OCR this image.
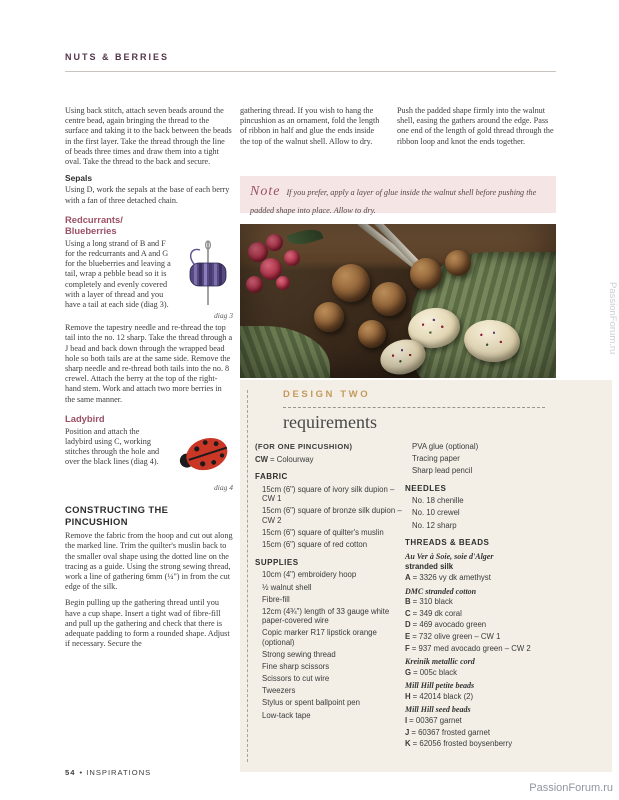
NUTS & BERRIES

Using back stitch, attach seven beads around the centre bead, again bringing the thread to the surface and taking it to the back between the beads in the first layer. Take the thread through the line of beads three times and draw them into a tight oval. Take the thread to the back and secure.

Sepals

Using D, work the sepals at the base of each berry with a fan of three detached chain.

Redcurrants/ Blueberries
diag 3

Using a long strand of B and F for the redcurrants and A and G for the blueberries and leaving a tail, wrap a pebble bead so it is completely and evenly covered with a layer of thread and you have a tail at each side (diag 3).

Remove the tapestry needle and re-thread the top tail into the no. 12 sharp. Take the thread through a J bead and back down through the wrapped bead hole so both tails are at the same side. Remove the sharp needle and re-thread both tails into the no. 8 crewel. Attach the berry at the top of the right-hand stem. Work and attach two more berries in the same manner.

Ladybird
diag 4

Position and attach the ladybird using C, working stitches through the hole and over the black lines (diag 4).

CONSTRUCTING THE PINCUSHION

Remove the fabric from the hoop and cut out along the marked line. Trim the quilter's muslin back to the smaller oval shape using the dotted line on the tracing as a guide. Using the strong sewing thread, work a line of gathering 6mm (¼") in from the cut edge of the silk.

Begin pulling up the gathering thread until you have a cup shape. Insert a tight wad of fibre-fill and pull up the gathering and check that there is adequate padding to form a rounded shape. Adjust if necessary. Secure the

gathering thread. If you wish to hang the pincushion as an ornament, fold the length of ribbon in half and glue the ends inside the top of the walnut shell. Allow to dry.

Push the padded shape firmly into the walnut shell, easing the gathers around the edge. Pass one end of the length of gold thread through the ribbon loop and knot the ends together.

Note If you prefer, apply a layer of glue inside the walnut shell before pushing the padded shape into place. Allow to dry.
DESIGN TWO
requirements
(FOR ONE PINCUSHION)
CW = Colourway
FABRIC
15cm (6") square of ivory silk dupion – CW 1
15cm (6") square of bronze silk dupion – CW 2
15cm (6") square of quilter's muslin
15cm (6") square of red cotton
SUPPLIES
10cm (4") embroidery hoop
½ walnut shell
Fibre-fill
12cm (4¾") length of 33 gauge white paper-covered wire
Copic marker R17 lipstick orange (optional)
Strong sewing thread
Fine sharp scissors
Scissors to cut wire
Tweezers
Stylus or spent ballpoint pen
Low-tack tape
PVA glue (optional)
Tracing paper
Sharp lead pencil
NEEDLES
No. 18 chenille
No. 10 crewel
No. 12 sharp
THREADS & BEADS
Au Ver à Soie, soie d'Alger
stranded silk
A = 3326 vy dk amethyst
DMC stranded cotton
B = 310 black
C = 349 dk coral
D = 469 avocado green
E = 732 olive green – CW 1
F = 937 med avocado green – CW 2
Kreinik metallic cord
G = 005c black
Mill Hill petite beads
H = 42014 black (2)
Mill Hill seed beads
I = 00367 garnet
J = 60367 frosted garnet
K = 62056 frosted boysenberry
54 • INSPIRATIONS
PassionForum.ru
PassionForum.ru
